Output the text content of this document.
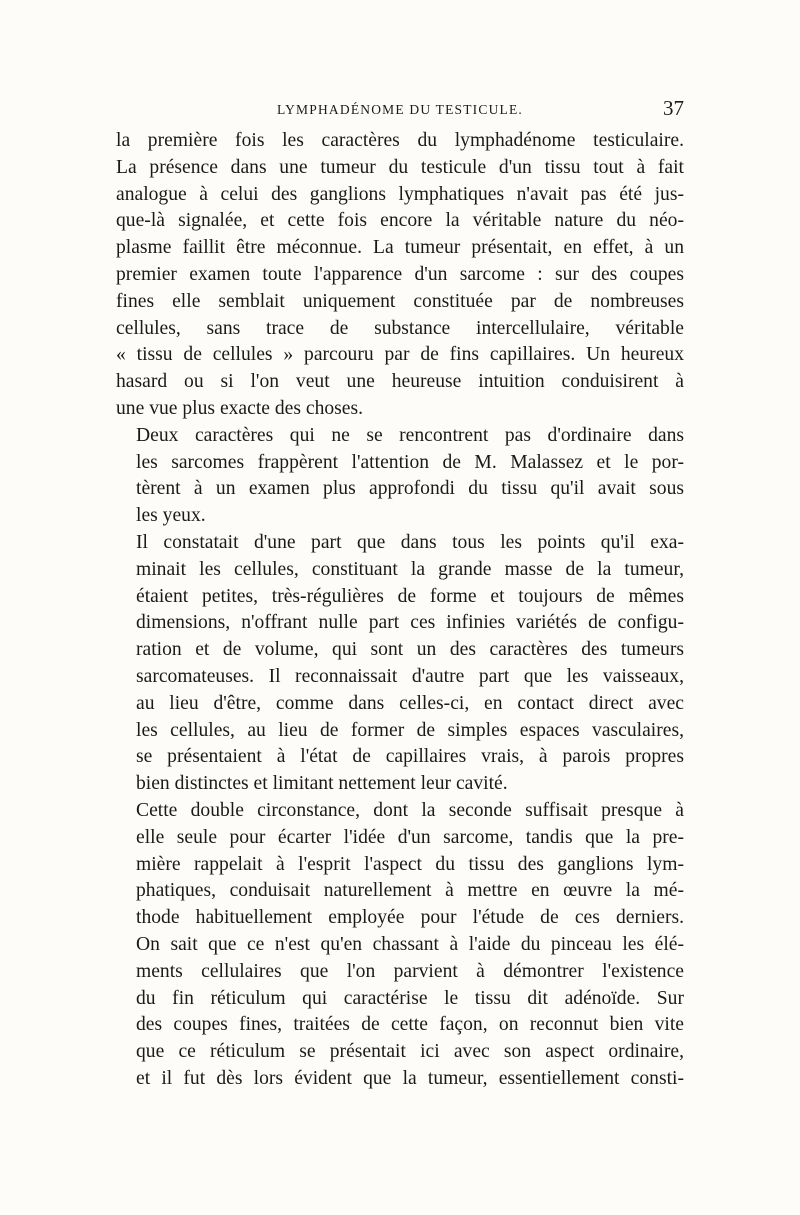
LYMPHADÉNOME DU TESTICULE.	37

la première fois les caractères du lymphadénome testiculaire.
La présence dans une tumeur du testicule d'un tissu tout à fait
analogue à celui des ganglions lymphatiques n'avait pas été jus-
que-là signalée, et cette fois encore la véritable nature du néo-
plasme faillit être méconnue. La tumeur présentait, en effet, à un
premier examen toute l'apparence d'un sarcome : sur des coupes
fines elle semblait uniquement constituée par de nombreuses
cellules, sans trace de substance intercellulaire, véritable
« tissu de cellules » parcouru par de fins capillaires. Un heureux
hasard ou si l'on veut une heureuse intuition conduisirent à
une vue plus exacte des choses.

Deux caractères qui ne se rencontrent pas d'ordinaire dans
les sarcomes frappèrent l'attention de M. Malassez et le por-
tèrent à un examen plus approfondi du tissu qu'il avait sous
les yeux.

Il constatait d'une part que dans tous les points qu'il exa-
minait les cellules, constituant la grande masse de la tumeur,
étaient petites, très-régulières de forme et toujours de mêmes
dimensions, n'offrant nulle part ces infinies variétés de configu-
ration et de volume, qui sont un des caractères des tumeurs
sarcomateuses. Il reconnaissait d'autre part que les vaisseaux,
au lieu d'être, comme dans celles-ci, en contact direct avec
les cellules, au lieu de former de simples espaces vasculaires,
se présentaient à l'état de capillaires vrais, à parois propres
bien distinctes et limitant nettement leur cavité.

Cette double circonstance, dont la seconde suffisait presque à
elle seule pour écarter l'idée d'un sarcome, tandis que la pre-
mière rappelait à l'esprit l'aspect du tissu des ganglions lym-
phatiques, conduisait naturellement à mettre en œuvre la mé-
thode habituellement employée pour l'étude de ces derniers.
On sait que ce n'est qu'en chassant à l'aide du pinceau les élé-
ments cellulaires que l'on parvient à démontrer l'existence
du fin réticulum qui caractérise le tissu dit adénoïde. Sur
des coupes fines, traitées de cette façon, on reconnut bien vite
que ce réticulum se présentait ici avec son aspect ordinaire,
et il fut dès lors évident que la tumeur, essentiellement consti-
